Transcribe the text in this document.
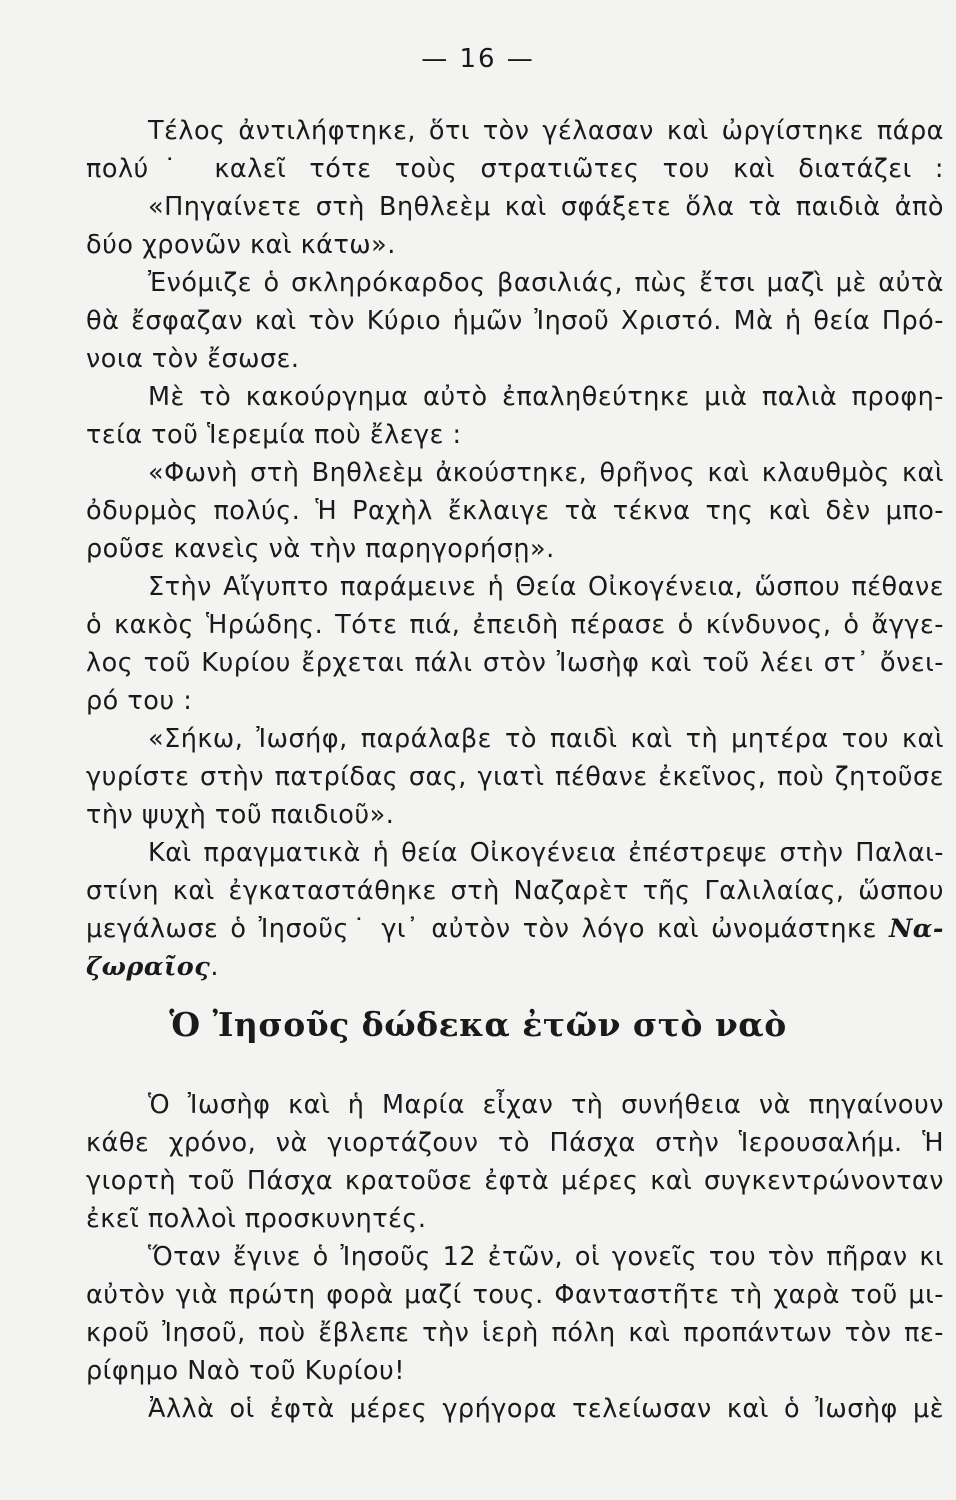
— 16 —
Τέλος ἀντιλήφτηκε, ὅτι τὸν γέλασαν καὶ ὠργίστηκε πάρα
πολύ˙ καλεῖ τότε τοὺς στρατιῶτες του καὶ διατάζει :
«Πηγαίνετε στὴ Βηθλεὲμ καὶ σφάξετε ὅλα τὰ παιδιὰ ἀπὸ
δύο χρονῶν καὶ κάτω».
Ἐνόμιζε ὁ σκληρόκαρδος βασιλιάς, πὼς ἔτσι μαζὶ μὲ αὐτὰ
θὰ ἔσφαζαν καὶ τὸν Κύριο ἡμῶν Ἰησοῦ Χριστό. Μὰ ἡ θεία Πρό-
νοια τὸν ἔσωσε.
Μὲ τὸ κακούργημα αὐτὸ ἐπαληθεύτηκε μιὰ παλιὰ προφη-
τεία τοῦ Ἱερεμία ποὺ ἔλεγε :
«Φωνὴ στὴ Βηθλεὲμ ἀκούστηκε, θρῆνος καὶ κλαυθμὸς καὶ
ὀδυρμὸς πολύς. Ἡ Ραχὴλ ἔκλαιγε τὰ τέκνα της καὶ δὲν μπο-
ροῦσε κανεὶς νὰ τὴν παρηγορήσῃ».
Στὴν Αἴγυπτο παράμεινε ἡ Θεία Οἰκογένεια, ὥσπου πέθανε
ὁ κακὸς Ἡρώδης. Τότε πιά, ἐπειδὴ πέρασε ὁ κίνδυνος, ὁ ἄγγε-
λος τοῦ Κυρίου ἔρχεται πάλι στὸν Ἰωσὴφ καὶ τοῦ λέει στ᾿ ὄνει-
ρό του :
«Σήκω, Ἰωσήφ, παράλαβε τὸ παιδὶ καὶ τὴ μητέρα του καὶ
γυρίστε στὴν πατρίδας σας, γιατὶ πέθανε ἐκεῖνος, ποὺ ζητοῦσε
τὴν ψυχὴ τοῦ παιδιοῦ».
Καὶ πραγματικὰ ἡ θεία Οἰκογένεια ἐπέστρεψε στὴν Παλαι-
στίνη καὶ ἐγκαταστάθηκε στὴ Ναζαρὲτ τῆς Γαλιλαίας, ὥσπου
μεγάλωσε ὁ Ἰησοῦς˙ γι᾿ αὐτὸν τὸν λόγο καὶ ὠνομάστηκε Να-
ζωραῖος.
Ὁ Ἰησοῦς δώδεκα ἐτῶν στὸ ναὸ
Ὁ Ἰωσὴφ καὶ ἡ Μαρία εἶχαν τὴ συνήθεια νὰ πηγαίνουν
κάθε χρόνο, νὰ γιορτάζουν τὸ Πάσχα στὴν Ἱερουσαλήμ. Ἡ
γιορτὴ τοῦ Πάσχα κρατοῦσε ἐφτὰ μέρες καὶ συγκεντρώνονταν
ἐκεῖ πολλοὶ προσκυνητές.
Ὅταν ἔγινε ὁ Ἰησοῦς 12 ἐτῶν, οἱ γονεῖς του τὸν πῆραν κι
αὐτὸν γιὰ πρώτη φορὰ μαζί τους. Φανταστῆτε τὴ χαρὰ τοῦ μι-
κροῦ Ἰησοῦ, ποὺ ἔβλεπε τὴν ἱερὴ πόλη καὶ προπάντων τὸν πε-
ρίφημο Ναὸ τοῦ Κυρίου!
Ἀλλὰ οἱ ἐφτὰ μέρες γρήγορα τελείωσαν καὶ ὁ Ἰωσὴφ μὲ
